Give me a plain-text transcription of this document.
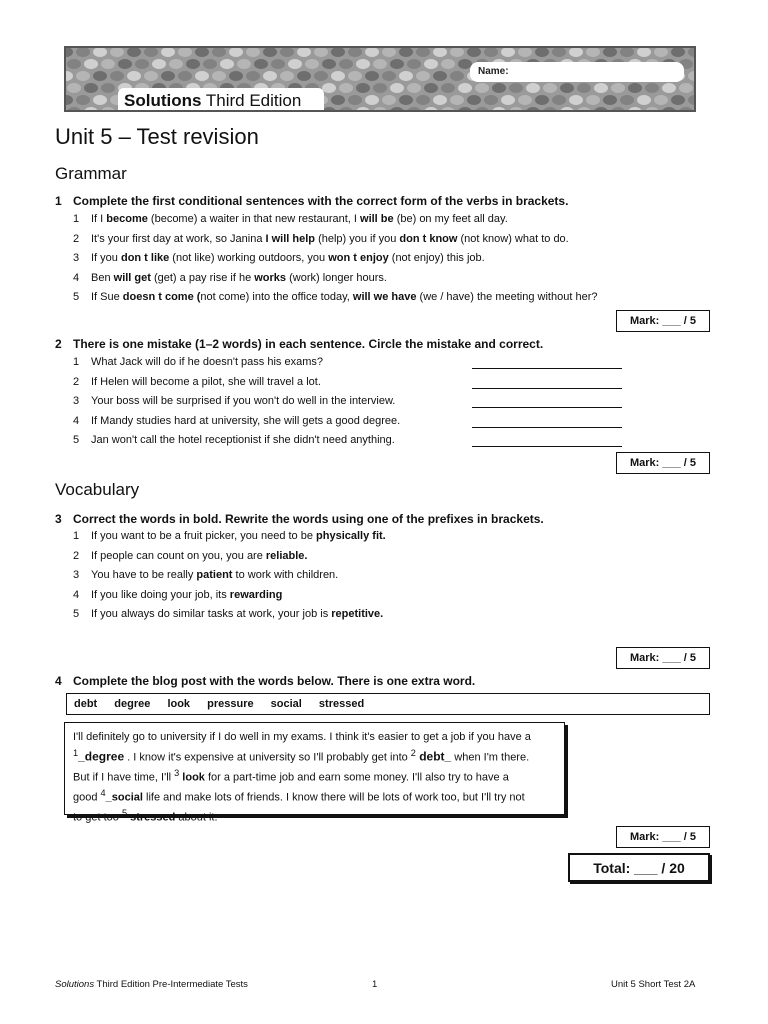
Name:
Solutions Third Edition
Unit 5 – Test revision
Grammar
1 Complete the first conditional sentences with the correct form of the verbs in brackets.
1 If I become (become) a waiter in that new restaurant, I will be (be) on my feet all day.
2 It's your first day at work, so Janina I will help (help) you if you don t know (not know) what to do.
3 If you don t like (not like) working outdoors, you won t enjoy (not enjoy) this job.
4 Ben will get (get) a pay rise if he works (work) longer hours.
5 If Sue doesn t come (not come) into the office today, will we have (we / have) the meeting without her?
Mark: ___ / 5
2 There is one mistake (1–2 words) in each sentence. Circle the mistake and correct.
1 What Jack will do if he doesn't pass his exams?
2 If Helen will become a pilot, she will travel a lot.
3 Your boss will be surprised if you won't do well in the interview.
4 If Mandy studies hard at university, she will gets a good degree.
5 Jan won't call the hotel receptionist if she didn't need anything.
Mark: ___ / 5
Vocabulary
3 Correct the words in bold. Rewrite the words using one of the prefixes in brackets.
1 If you want to be a fruit picker, you need to be physically fit.
2 If people can count on you, you are reliable.
3 You have to be really patient to work with children.
4 If you like doing your job, its rewarding
5 If you always do similar tasks at work, your job is repetitive.
Mark: ___ / 5
4 Complete the blog post with the words below. There is one extra word.
debt degree look pressure social stressed
I'll definitely go to university if I do well in my exams. I think it's easier to get a job if you have a
$^1$_degree . I know it's expensive at university so I'll probably get into $^2$ debt_ when I'm there.
But if I have time, I'll $^3$ look for a part-time job and earn some money. I'll also try to have a
good $^4$_social life and make lots of friends. I know there will be lots of work too, but I'll try not
to get too $^5$ stressed about it.
Mark: ___ / 5
Total: ___ / 20
Solutions Third Edition Pre-Intermediate Tests	1	Unit 5 Short Test 2A
